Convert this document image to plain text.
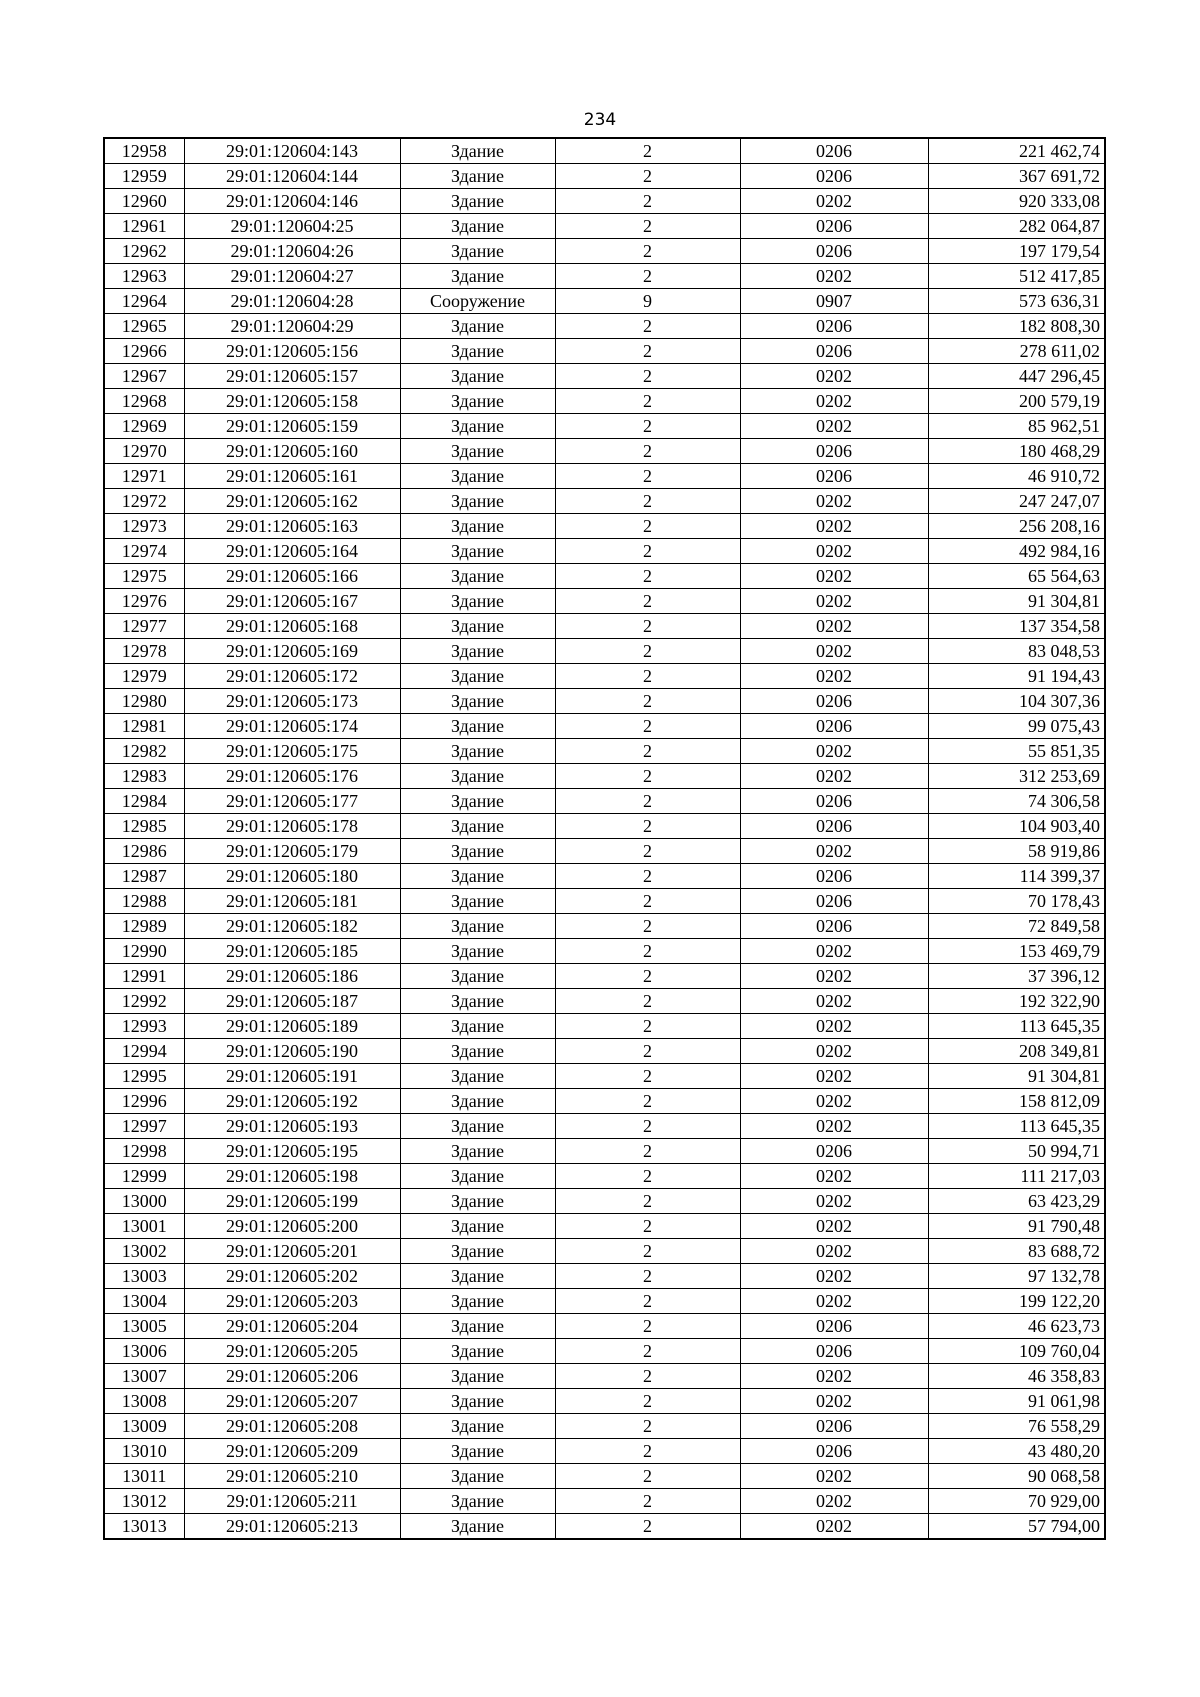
234
12958	29:01:120604:143	Здание	2	0206	221 462,74
12959	29:01:120604:144	Здание	2	0206	367 691,72
12960	29:01:120604:146	Здание	2	0202	920 333,08
12961	29:01:120604:25	Здание	2	0206	282 064,87
12962	29:01:120604:26	Здание	2	0206	197 179,54
12963	29:01:120604:27	Здание	2	0202	512 417,85
12964	29:01:120604:28	Сооружение	9	0907	573 636,31
12965	29:01:120604:29	Здание	2	0206	182 808,30
12966	29:01:120605:156	Здание	2	0206	278 611,02
12967	29:01:120605:157	Здание	2	0202	447 296,45
12968	29:01:120605:158	Здание	2	0202	200 579,19
12969	29:01:120605:159	Здание	2	0202	85 962,51
12970	29:01:120605:160	Здание	2	0206	180 468,29
12971	29:01:120605:161	Здание	2	0206	46 910,72
12972	29:01:120605:162	Здание	2	0202	247 247,07
12973	29:01:120605:163	Здание	2	0202	256 208,16
12974	29:01:120605:164	Здание	2	0202	492 984,16
12975	29:01:120605:166	Здание	2	0202	65 564,63
12976	29:01:120605:167	Здание	2	0202	91 304,81
12977	29:01:120605:168	Здание	2	0202	137 354,58
12978	29:01:120605:169	Здание	2	0202	83 048,53
12979	29:01:120605:172	Здание	2	0202	91 194,43
12980	29:01:120605:173	Здание	2	0206	104 307,36
12981	29:01:120605:174	Здание	2	0206	99 075,43
12982	29:01:120605:175	Здание	2	0202	55 851,35
12983	29:01:120605:176	Здание	2	0202	312 253,69
12984	29:01:120605:177	Здание	2	0206	74 306,58
12985	29:01:120605:178	Здание	2	0206	104 903,40
12986	29:01:120605:179	Здание	2	0202	58 919,86
12987	29:01:120605:180	Здание	2	0206	114 399,37
12988	29:01:120605:181	Здание	2	0206	70 178,43
12989	29:01:120605:182	Здание	2	0206	72 849,58
12990	29:01:120605:185	Здание	2	0202	153 469,79
12991	29:01:120605:186	Здание	2	0202	37 396,12
12992	29:01:120605:187	Здание	2	0202	192 322,90
12993	29:01:120605:189	Здание	2	0202	113 645,35
12994	29:01:120605:190	Здание	2	0202	208 349,81
12995	29:01:120605:191	Здание	2	0202	91 304,81
12996	29:01:120605:192	Здание	2	0202	158 812,09
12997	29:01:120605:193	Здание	2	0202	113 645,35
12998	29:01:120605:195	Здание	2	0206	50 994,71
12999	29:01:120605:198	Здание	2	0202	111 217,03
13000	29:01:120605:199	Здание	2	0202	63 423,29
13001	29:01:120605:200	Здание	2	0202	91 790,48
13002	29:01:120605:201	Здание	2	0202	83 688,72
13003	29:01:120605:202	Здание	2	0202	97 132,78
13004	29:01:120605:203	Здание	2	0202	199 122,20
13005	29:01:120605:204	Здание	2	0206	46 623,73
13006	29:01:120605:205	Здание	2	0206	109 760,04
13007	29:01:120605:206	Здание	2	0202	46 358,83
13008	29:01:120605:207	Здание	2	0202	91 061,98
13009	29:01:120605:208	Здание	2	0206	76 558,29
13010	29:01:120605:209	Здание	2	0206	43 480,20
13011	29:01:120605:210	Здание	2	0202	90 068,58
13012	29:01:120605:211	Здание	2	0202	70 929,00
13013	29:01:120605:213	Здание	2	0202	57 794,00
